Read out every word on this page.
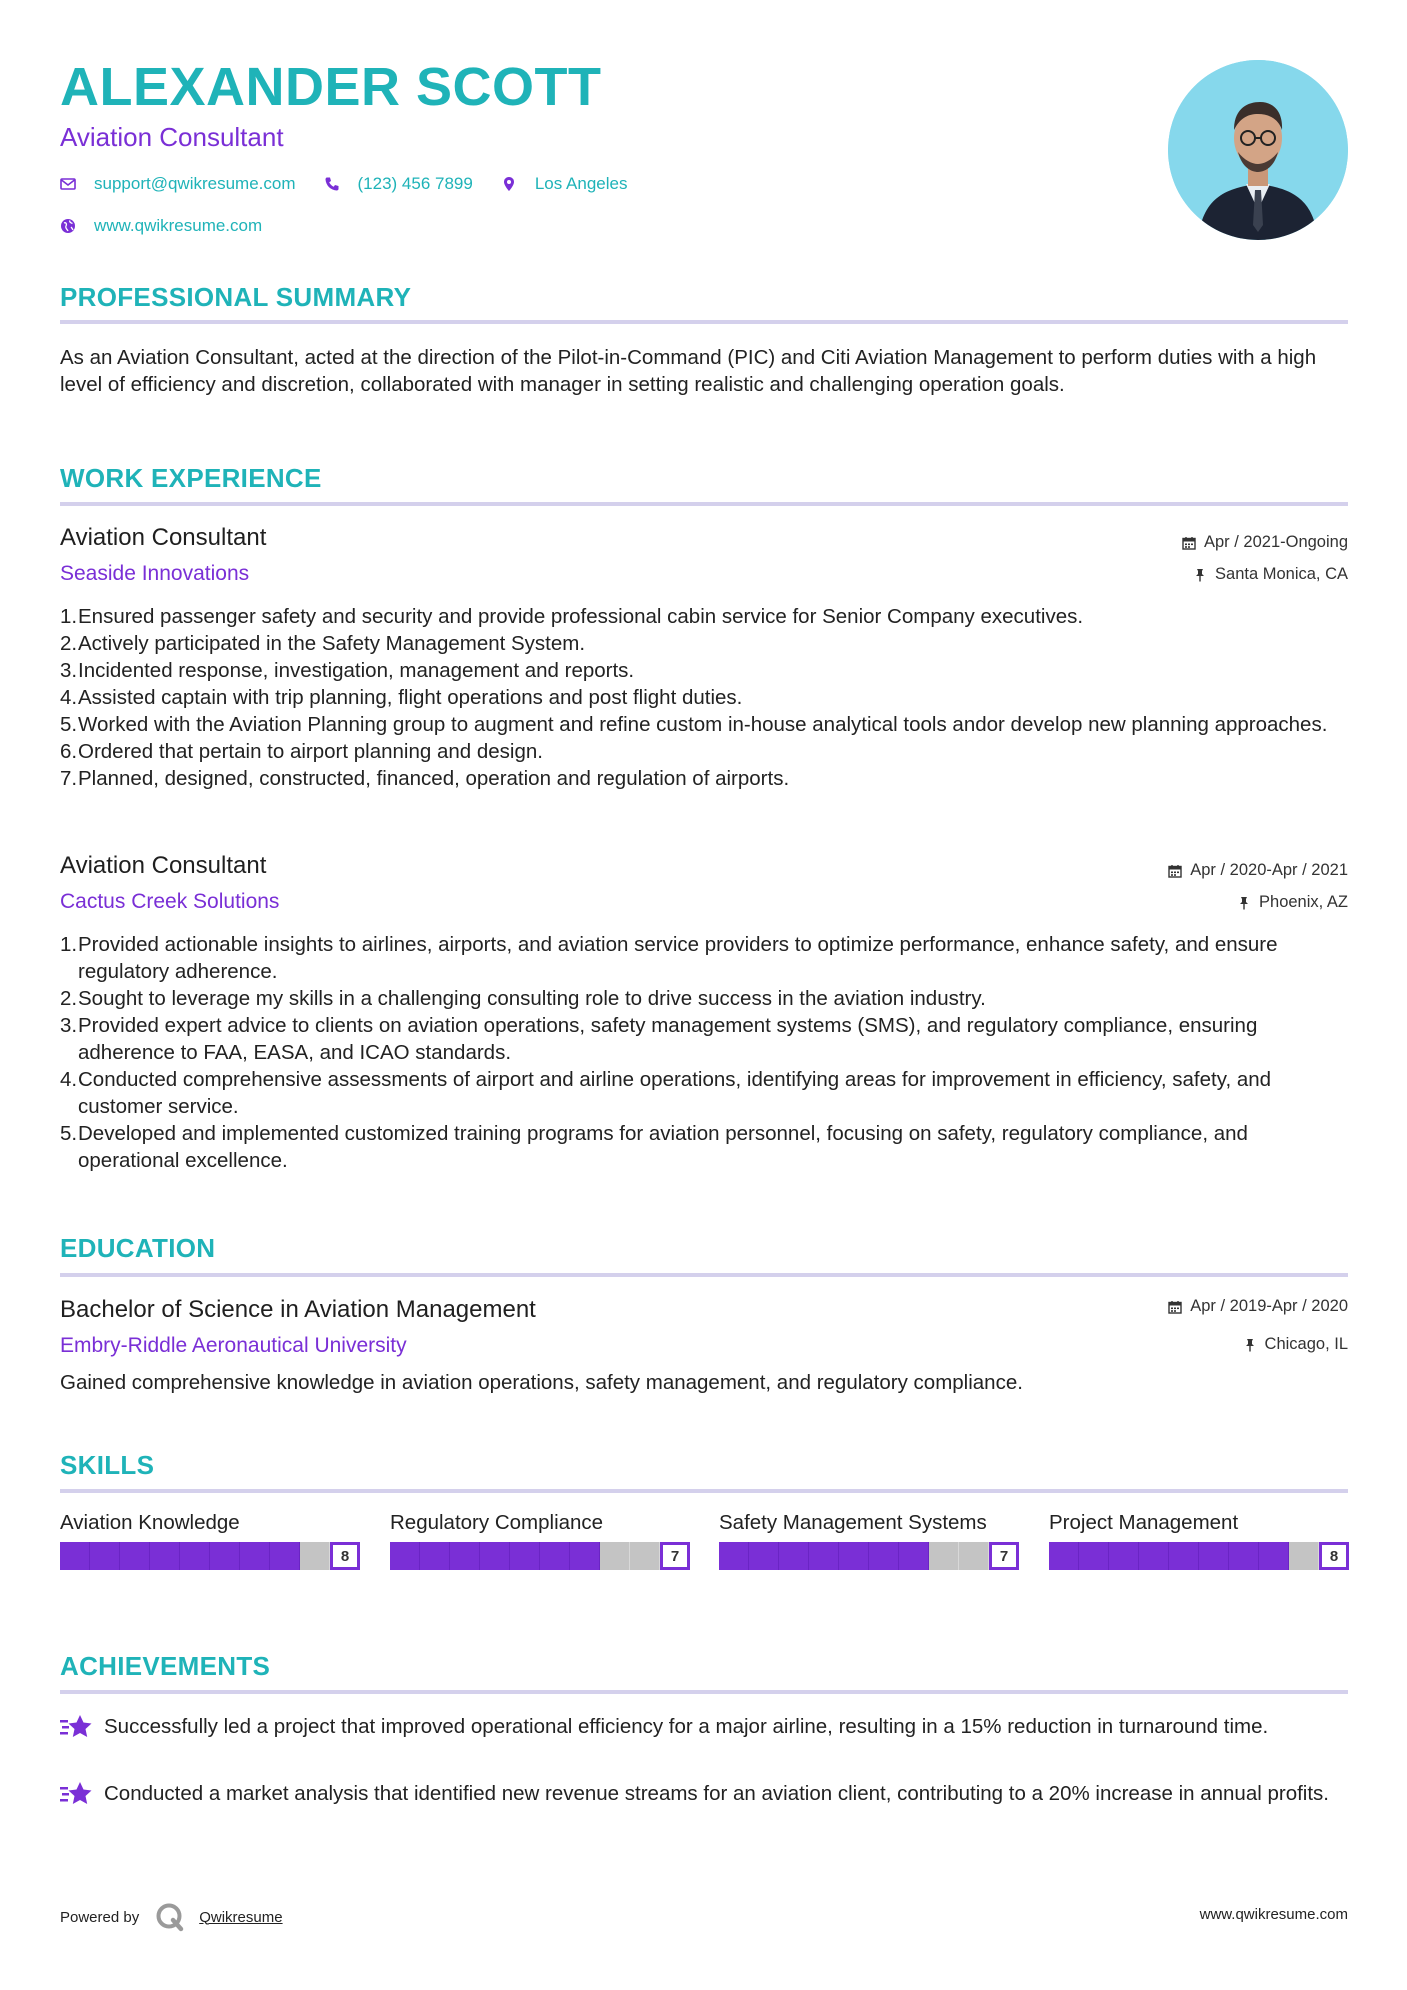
ALEXANDER SCOTT
Aviation Consultant
support@qwikresume.com	(123) 456 7899	Los Angeles
www.qwikresume.com
PROFESSIONAL SUMMARY
As an Aviation Consultant, acted at the direction of the Pilot-in-Command (PIC) and Citi Aviation Management to perform duties with a high level of efficiency and discretion, collaborated with manager in setting realistic and challenging operation goals.
WORK EXPERIENCE
Aviation Consultant
Seaside Innovations
Apr / 2021-Ongoing
Santa Monica, CA
Ensured passenger safety and security and provide professional cabin service for Senior Company executives.
Actively participated in the Safety Management System.
Incidented response, investigation, management and reports.
Assisted captain with trip planning, flight operations and post flight duties.
Worked with the Aviation Planning group to augment and refine custom in-house analytical tools andor develop new planning approaches.
Ordered that pertain to airport planning and design.
Planned, designed, constructed, financed, operation and regulation of airports.
Aviation Consultant
Cactus Creek Solutions
Apr / 2020-Apr / 2021
Phoenix, AZ
Provided actionable insights to airlines, airports, and aviation service providers to optimize performance, enhance safety, and ensure regulatory adherence.
Sought to leverage my skills in a challenging consulting role to drive success in the aviation industry.
Provided expert advice to clients on aviation operations, safety management systems (SMS), and regulatory compliance, ensuring adherence to FAA, EASA, and ICAO standards.
Conducted comprehensive assessments of airport and airline operations, identifying areas for improvement in efficiency, safety, and customer service.
Developed and implemented customized training programs for aviation personnel, focusing on safety, regulatory compliance, and operational excellence.
EDUCATION
Bachelor of Science in Aviation Management
Embry-Riddle Aeronautical University
Apr / 2019-Apr / 2020
Chicago, IL
Gained comprehensive knowledge in aviation operations, safety management, and regulatory compliance.
SKILLS
Aviation Knowledge
8
Regulatory Compliance
7
Safety Management Systems
7
Project Management
8
ACHIEVEMENTS
Successfully led a project that improved operational efficiency for a major airline, resulting in a 15% reduction in turnaround time.
Conducted a market analysis that identified new revenue streams for an aviation client, contributing to a 20% increase in annual profits.
Powered by	Qwikresume	www.qwikresume.com
